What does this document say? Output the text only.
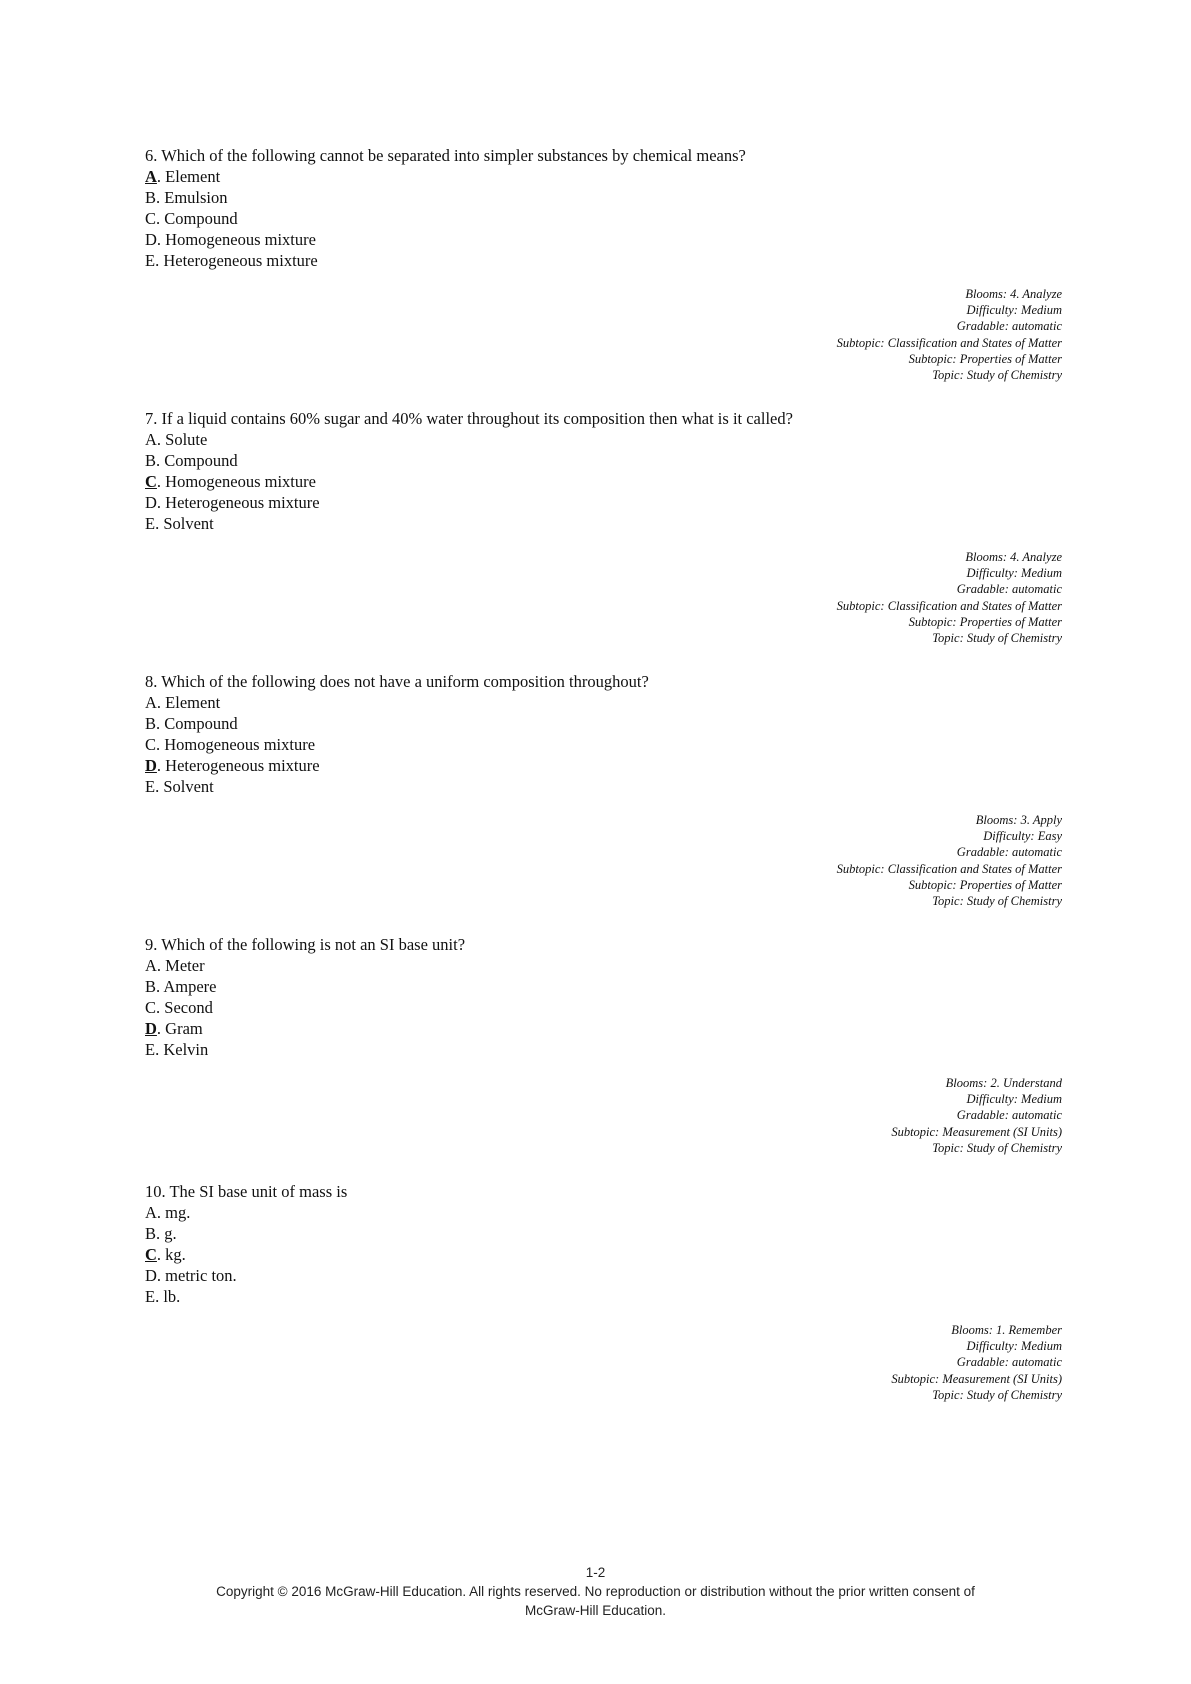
6. Which of the following cannot be separated into simpler substances by chemical means?

A. Element
B. Emulsion
C. Compound
D. Homogeneous mixture
E. Heterogeneous mixture
Blooms: 4. Analyze
Difficulty: Medium
Gradable: automatic
Subtopic: Classification and States of Matter
Subtopic: Properties of Matter
Topic: Study of Chemistry

7. If a liquid contains 60% sugar and 40% water throughout its composition then what is it called?

A. Solute
B. Compound
C. Homogeneous mixture
D. Heterogeneous mixture
E. Solvent
Blooms: 4. Analyze
Difficulty: Medium
Gradable: automatic
Subtopic: Classification and States of Matter
Subtopic: Properties of Matter
Topic: Study of Chemistry

8. Which of the following does not have a uniform composition throughout?

A. Element
B. Compound
C. Homogeneous mixture
D. Heterogeneous mixture
E. Solvent
Blooms: 3. Apply
Difficulty: Easy
Gradable: automatic
Subtopic: Classification and States of Matter
Subtopic: Properties of Matter
Topic: Study of Chemistry

9. Which of the following is not an SI base unit?

A. Meter
B. Ampere
C. Second
D. Gram
E. Kelvin
Blooms: 2. Understand
Difficulty: Medium
Gradable: automatic
Subtopic: Measurement (SI Units)
Topic: Study of Chemistry

10. The SI base unit of mass is

A. mg.
B. g.
C. kg.
D. metric ton.
E. lb.
Blooms: 1. Remember
Difficulty: Medium
Gradable: automatic
Subtopic: Measurement (SI Units)
Topic: Study of Chemistry
1-2
Copyright © 2016 McGraw-Hill Education. All rights reserved. No reproduction or distribution without the prior written consent of
McGraw-Hill Education.
